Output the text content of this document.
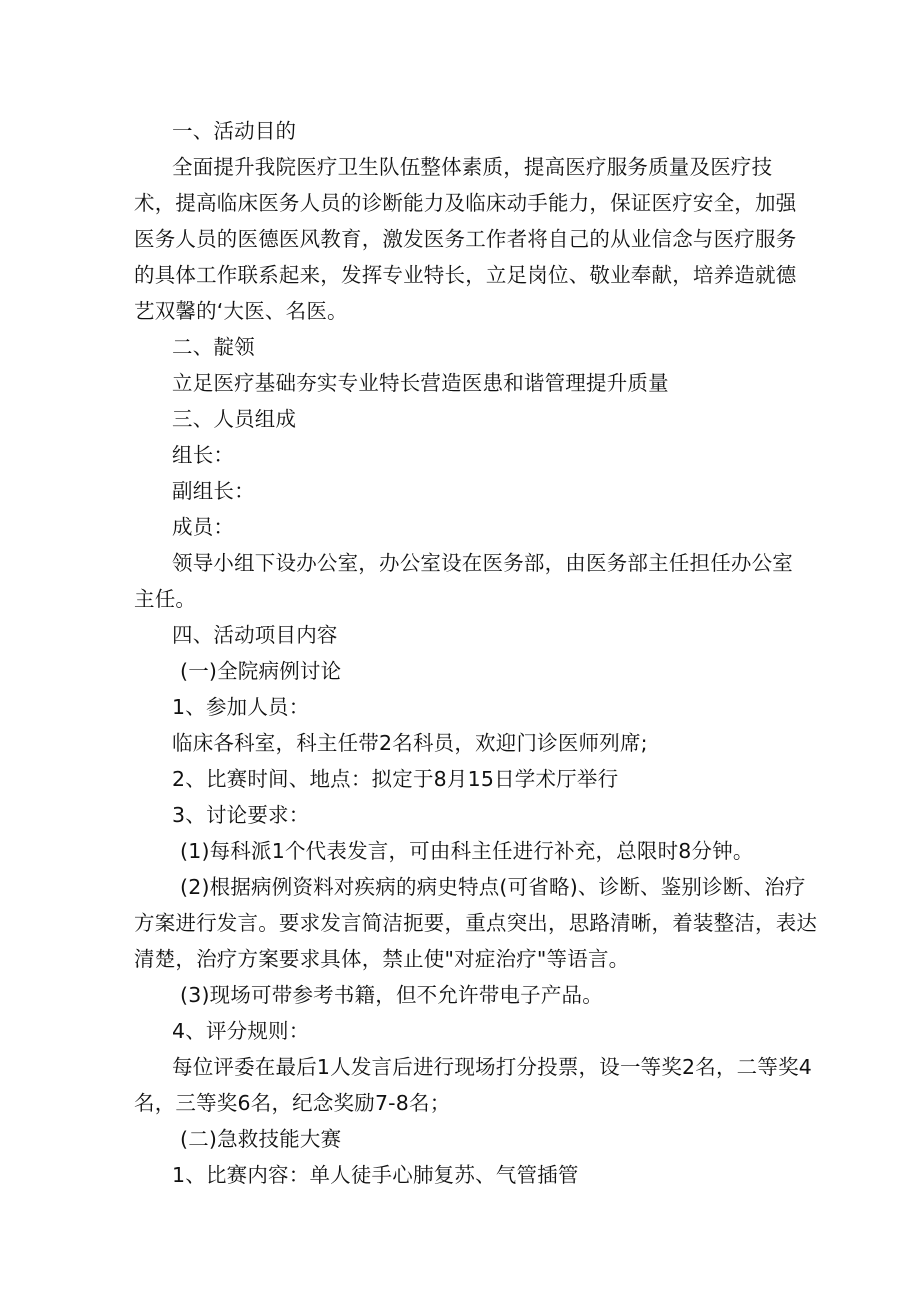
一、活动目的
全面提升我院医疗卫生队伍整体素质，提高医疗服务质量及医疗技
术，提高临床医务人员的诊断能力及临床动手能力，保证医疗安全，加强
医务人员的医德医风教育，激发医务工作者将自己的从业信念与医疗服务
的具体工作联系起来，发挥专业特长，立足岗位、敬业奉献，培养造就德
艺双馨的‘大医、名医。
二、靛领
立足医疗基础夯实专业特长营造医患和谐管理提升质量
三、人员组成
组长：
副组长：
成员：
领导小组下设办公室，办公室设在医务部，由医务部主任担任办公室
主任。
四、活动项目内容
(一)全院病例讨论
1、参加人员：
临床各科室，科主任带2名科员，欢迎门诊医师列席;
2、比赛时间、地点：拟定于8月15日学术厅举行
3、讨论要求：
(1)每科派1个代表发言，可由科主任进行补充，总限时8分钟。
(2)根据病例资料对疾病的病史特点(可省略)、诊断、鉴别诊断、治疗
方案进行发言。要求发言简洁扼要，重点突出，思路清晰，着装整洁，表达
清楚，治疗方案要求具体，禁止使"对症治疗"等语言。
(3)现场可带参考书籍，但不允许带电子产品。
4、评分规则：
每位评委在最后1人发言后进行现场打分投票，设一等奖2名，二等奖4
名，三等奖6名，纪念奖励7-8名；
(二)急救技能大赛
1、比赛内容：单人徒手心肺复苏、气管插管
